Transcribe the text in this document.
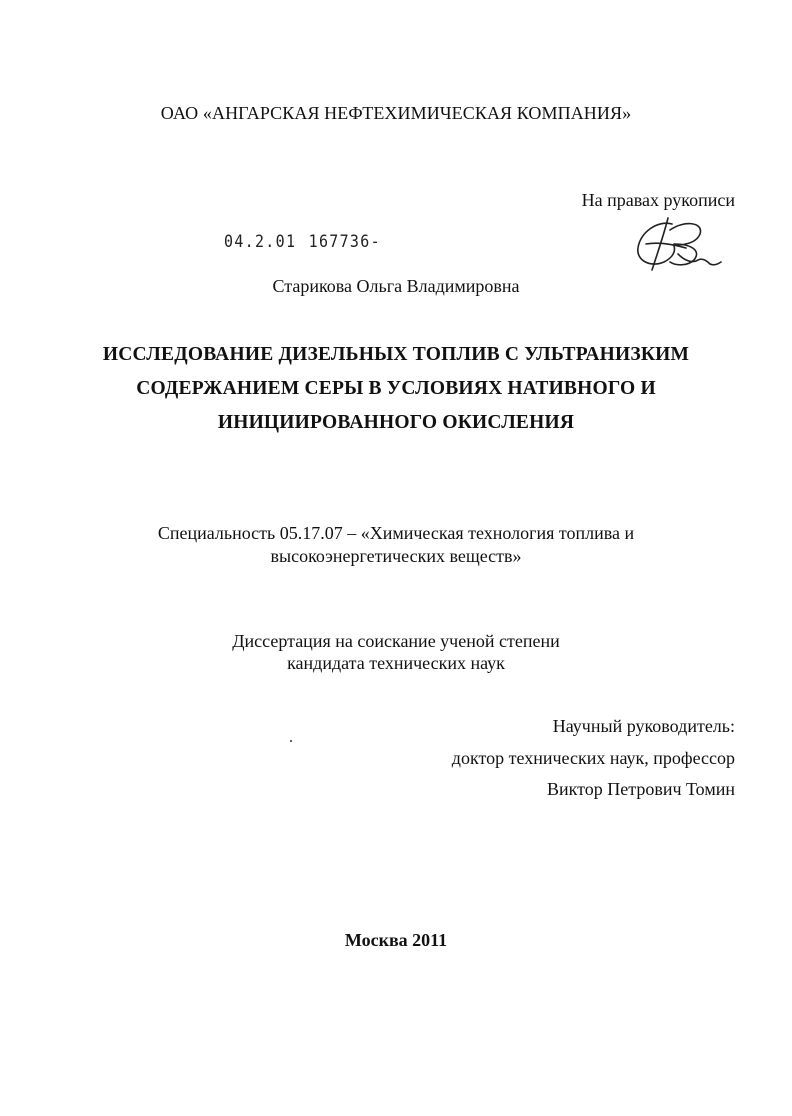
ОАО «АНГАРСКАЯ НЕФТЕХИМИЧЕСКАЯ КОМПАНИЯ»
На правах рукописи
04.2.01 167736-
Старикова Ольга Владимировна
ИССЛЕДОВАНИЕ ДИЗЕЛЬНЫХ ТОПЛИВ С УЛЬТРАНИЗКИМ
СОДЕРЖАНИЕМ СЕРЫ В УСЛОВИЯХ НАТИВНОГО И
ИНИЦИИРОВАННОГО ОКИСЛЕНИЯ
Специальность 05.17.07 – «Химическая технология топлива и
высокоэнергетических веществ»
Диссертация на соискание ученой степени
кандидата технических наук
Научный руководитель:
доктор технических наук, профессор
Виктор Петрович Томин
Москва 2011
